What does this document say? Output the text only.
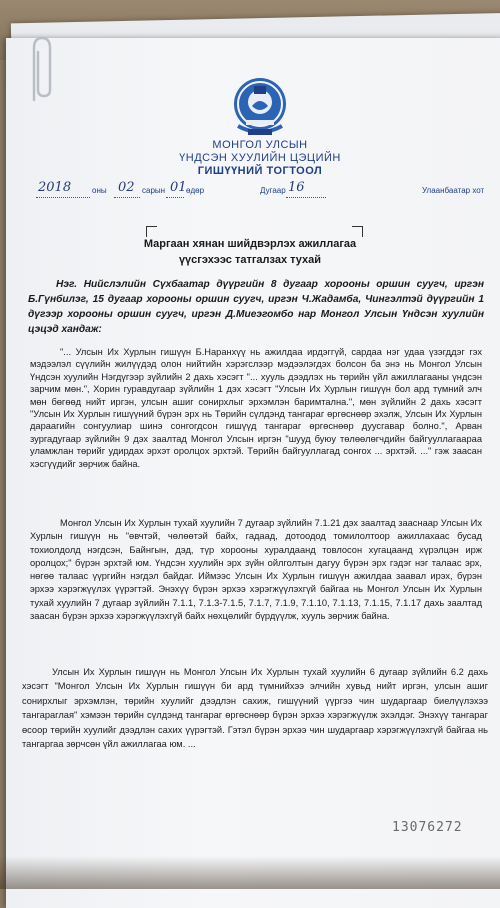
МОНГОЛ УЛСЫН
ҮНДСЭН ХУУЛИЙН ЦЭЦИЙН
ГИШҮҮНИЙ ТОГТООЛ
2018	оны 02 сарын 01 өдөр	Дугаар 16	Улаанбаатар хот
Маргаан хянан шийдвэрлэх ажиллагаа
үүсгэхээс татгалзах тухай
Нэг. Нийслэлийн Сүхбаатар дүүргийн 8 дугаар хорооны оршин суугч, иргэн Б.Гүнбилэг, 15 дугаар хорооны оршин суугч, иргэн Ч.Жадамба, Чингэлтэй дүүргийн 1 дүгээр хорооны оршин суугч, иргэн Д.Миеэгомбо нар Монгол Улсын Үндсэн хуулийн цэцэд хандаж:
"... Улсын Их Хурлын гишүүн Б.Наранхүү нь ажилдаа ирдэггүй, сардаа нэг удаа үзэгддэг гэх мэдээлэл сүүлийн жилүүдэд олон нийтийн хэрэгслээр мэдээлэгдэх болсон ба энэ нь Монгол Улсын Үндсэн хуулийн Нэгдүгээр зүйлийн 2 дахь хэсэгт "... хууль дээдлэх нь төрийн үйл ажиллагааны үндсэн зарчим мөн.", Хорин гуравдугаар зүйлийн 1 дэх хэсэгт "Улсын Их Хурлын гишүүн бол ард түмний элч мөн бөгөөд нийт иргэн, улсын ашиг сонирхлыг эрхэмлэн баримтална.", мөн зүйлийн 2 дахь хэсэгт "Улсын Их Хурлын гишүүний бүрэн эрх нь Төрийн сүлдэнд тангараг өргөснөөр эхэлж, Улсын Их Хурлын дараагийн сонгуулиар шинэ сонгогдсон гишүүд тангараг өргөснөөр дуусгавар болно.", Арван зургадугаар зүйлийн 9 дэх заалтад Монгол Улсын иргэн "шууд буюу төлөөлөгчдийн байгууллагаараа уламжлан төрийг удирдах эрхэт оролцох эрхтэй. Төрийн байгууллагад сонгох ... эрхтэй. ..." гэж заасан хэсгүүдийг зөрчиж байна.
Монгол Улсын Их Хурлын тухай хуулийн 7 дугаар зүйлийн 7.1.21 дэх заалтад зааснаар Улсын Их Хурлын гишүүн нь "өвчтэй, чөлөөтэй байх, гадаад, дотоодод томилолтоор ажиллахаас бусад тохиолдолд нэгдсэн, Байнгын, дэд, түр хорооны хуралдаанд товлосон хугацаанд хүрэлцэн ирж оролцох;" бүрэн эрхтэй юм. Үндсэн хуулийн эрх зүйн ойлголтын дагуу бүрэн эрх гэдэг нэг талаас эрх, нөгөө талаас үүргийн нэгдэл байдаг. Иймээс Улсын Их Хурлын гишүүн ажилдаа заавал ирэх, бүрэн эрхээ хэрэгжүүлэх үүрэгтэй. Энэхүү бүрэн эрхээ хэрэгжүүлэхгүй байгаа нь Монгол Улсын Их Хурлын тухай хуулийн 7 дугаар зүйлийн 7.1.1, 7.1.3-7.1.5, 7.1.7, 7.1.9, 7.1.10, 7.1.13, 7.1.15, 7.1.17 дахь заалтад заасан бүрэн эрхээ хэрэгжүүлэхгүй байх нөхцөлийг бүрдүүлж, хууль зөрчиж байна.
Улсын Их Хурлын гишүүн нь Монгол Улсын Их Хурлын тухай хуулийн 6 дугаар зүйлийн 6.2 дахь хэсэгт "Монгол Улсын Их Хурлын гишүүн би ард түмнийхээ элчийн хувьд нийт иргэн, улсын ашиг сонирхлыг эрхэмлэн, төрийн хуулийг дээдлэн сахиж, гишүүний үүргээ чин шударгаар биелүүлэхээ тангараглая" хэмээн төрийн сүлдэнд тангараг өргөснөөр бүрэн эрхээ хэрэгжүүлж эхэлдэг. Энэхүү тангараг өсоор төрийн хуулийг дээдлэн сахих үүрэгтэй. Гэтэл бүрэн эрхээ чин шударгаар хэрэгжүүлэхгүй байгаа нь тангаргаа зөрчсөн үйл ажиллагаа юм. ...
13076272
